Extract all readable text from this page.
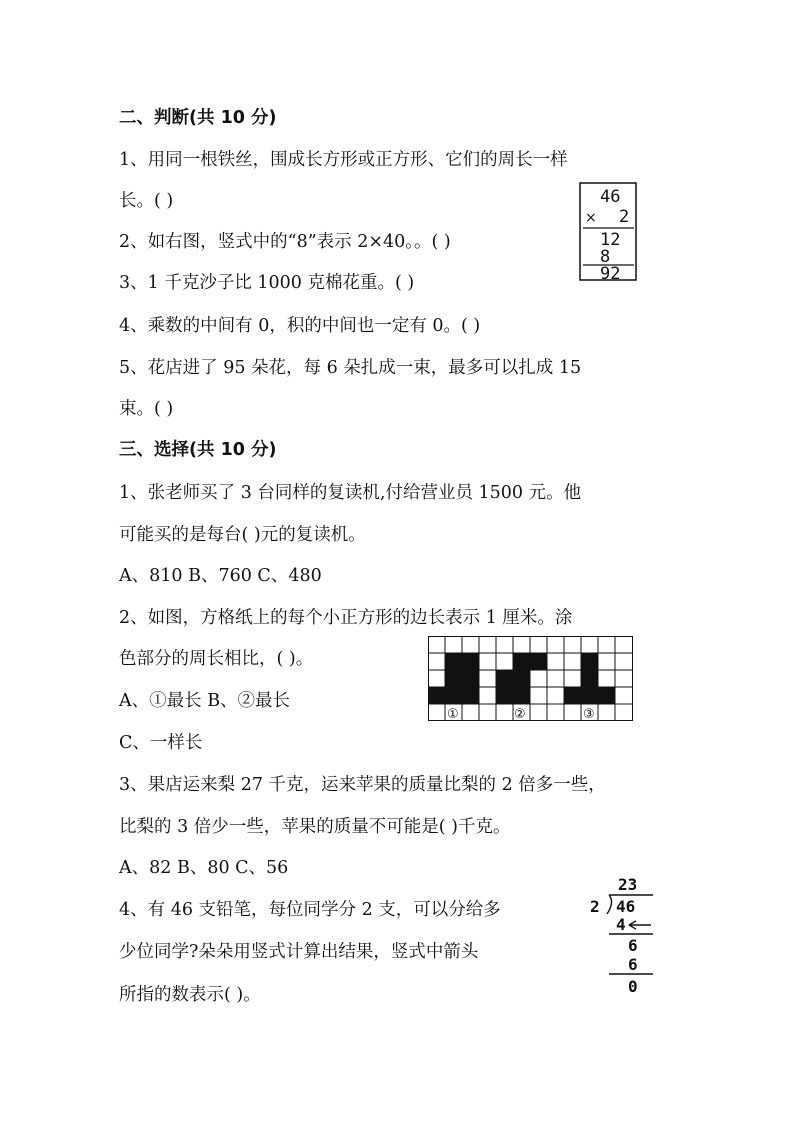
二、判断(共 10 分)
1、用同一根铁丝，围成长方形或正方形、它们的周长一样
长。( )
2、如右图，竖式中的“8”表示 2×40。。( )
3、1 千克沙子比 1000 克棉花重。( )
4、乘数的中间有 0，积的中间也一定有 0。( )
5、花店进了 95 朵花，每 6 朵扎成一束，最多可以扎成 15
束。( )
46
× 2
12
8
92
三、选择(共 10 分)
1、张老师买了 3 台同样的复读机,付给营业员 1500 元。他
可能买的是每台( )元的复读机。
A、810 B、760 C、480
2、如图，方格纸上的每个小正方形的边长表示 1 厘米。涂
色部分的周长相比，( )。
A、①最长 B、②最长
C、一样长
①	②	③
3、果店运来梨 27 千克，运来苹果的质量比梨的 2 倍多一些，
比梨的 3 倍少一些，苹果的质量不可能是( )千克。
A、82 B、80 C、56
4、有 46 支铅笔，每位同学分 2 支，可以分给多
少位同学?朵朵用竖式计算出结果，竖式中箭头
所指的数表示( )。
23
2 46
4
6
6
0
